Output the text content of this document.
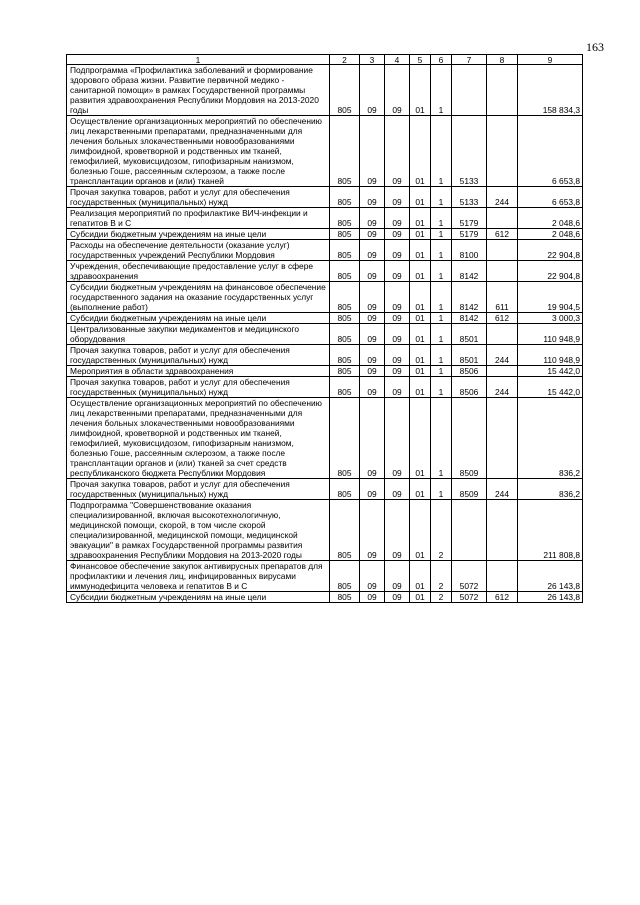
163
1	2	3	4	5	6	7	8	9
Подпрограмма «Профилактика заболеваний и формирование здорового образа жизни. Развитие первичной медико - санитарной помощи» в рамках Государственной программы развития здравоохранения Республики Мордовия на 2013-2020 годы	805	09	09	01	1			158 834,3
Осуществление организационных мероприятий по обеспечению лиц лекарственными препаратами, предназначенными для лечения больных злокачественными новообразованиями лимфоидной, кроветворной и родственных им тканей, гемофилией, муковисцидозом, гипофизарным нанизмом, болезнью Гоше, рассеянным склерозом, а также после трансплантации органов и (или) тканей	805	09	09	01	1	5133		6 653,8
Прочая закупка товаров, работ и услуг для обеспечения государственных (муниципальных) нужд	805	09	09	01	1	5133	244	6 653,8
Реализация мероприятий по профилактике ВИЧ-инфекции и гепатитов В и С	805	09	09	01	1	5179		2 048,6
Субсидии бюджетным учреждениям на иные цели	805	09	09	01	1	5179	612	2 048,6
Расходы на обеспечение деятельности (оказание услуг) государственных учреждений Республики Мордовия	805	09	09	01	1	8100		22 904,8
Учреждения, обеспечивающие предоставление услуг в сфере здравоохранения	805	09	09	01	1	8142		22 904,8
Субсидии бюджетным учреждениям на финансовое обеспечение государственного задания на оказание государственных услуг (выполнение работ)	805	09	09	01	1	8142	611	19 904,5
Субсидии бюджетным учреждениям на иные цели	805	09	09	01	1	8142	612	3 000,3
Централизованные закупки медикаментов и медицинского оборудования	805	09	09	01	1	8501		110 948,9
Прочая закупка товаров, работ и услуг для обеспечения государственных (муниципальных) нужд	805	09	09	01	1	8501	244	110 948,9
Мероприятия в области здравоохранения	805	09	09	01	1	8506		15 442,0
Прочая закупка товаров, работ и услуг для обеспечения государственных (муниципальных) нужд	805	09	09	01	1	8506	244	15 442,0
Осуществление организационных мероприятий по обеспечению лиц лекарственными препаратами, предназначенными для лечения больных злокачественными новообразованиями лимфоидной, кроветворной и родственных им тканей, гемофилией, муковисцидозом, гипофизарным нанизмом, болезнью Гоше, рассеянным склерозом, а также после трансплантации органов и (или) тканей за счет средств республиканского бюджета Республики Мордовия	805	09	09	01	1	8509		836,2
Прочая закупка товаров, работ и услуг для обеспечения государственных (муниципальных) нужд	805	09	09	01	1	8509	244	836,2
Подпрограмма "Совершенствование оказания специализированной, включая высокотехнологичную, медицинской помощи, скорой, в том числе скорой специализированной, медицинской помощи, медицинской эвакуации" в рамках Государственной программы развития здравоохранения Республики Мордовия на 2013-2020 годы	805	09	09	01	2			211 808,8
Финансовое обеспечение закупок антивирусных препаратов для профилактики и лечения лиц, инфицированных вирусами иммунодефицита человека и гепатитов В и С	805	09	09	01	2	5072		26 143,8
Субсидии бюджетным учреждениям на иные цели	805	09	09	01	2	5072	612	26 143,8
